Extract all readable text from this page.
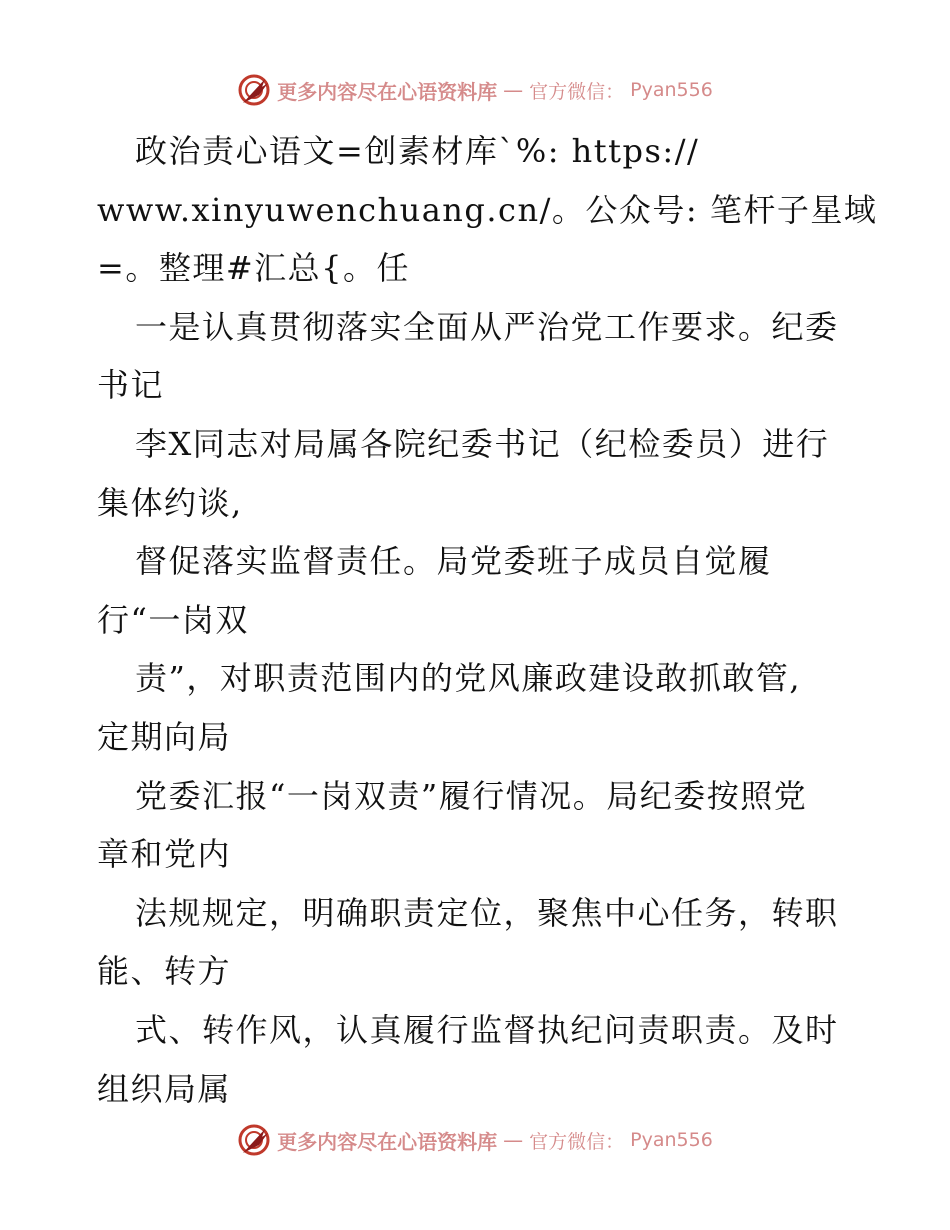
更多内容尽在心语资料库 — 官方微信： Pyan556
政治责心语文=创素材库`%: https://
www.xinyuwenchuang.cn/。公众号: 笔杆子星域
=。整理#汇总{。任
一是认真贯彻落实全面从严治党工作要求。纪委
书记
李X同志对局属各院纪委书记（纪检委员）进行
集体约谈,
督促落实监督责任。局党委班子成员自觉履
行“一岗双
责”，对职责范围内的党风廉政建设敢抓敢管,
定期向局
党委汇报“一岗双责”履行情况。局纪委按照党
章和党内
法规规定，明确职责定位，聚焦中心任务，转职
能、转方
式、转作风，认真履行监督执纪问责职责。及时
组织局属
更多内容尽在心语资料库 — 官方微信： Pyan556
